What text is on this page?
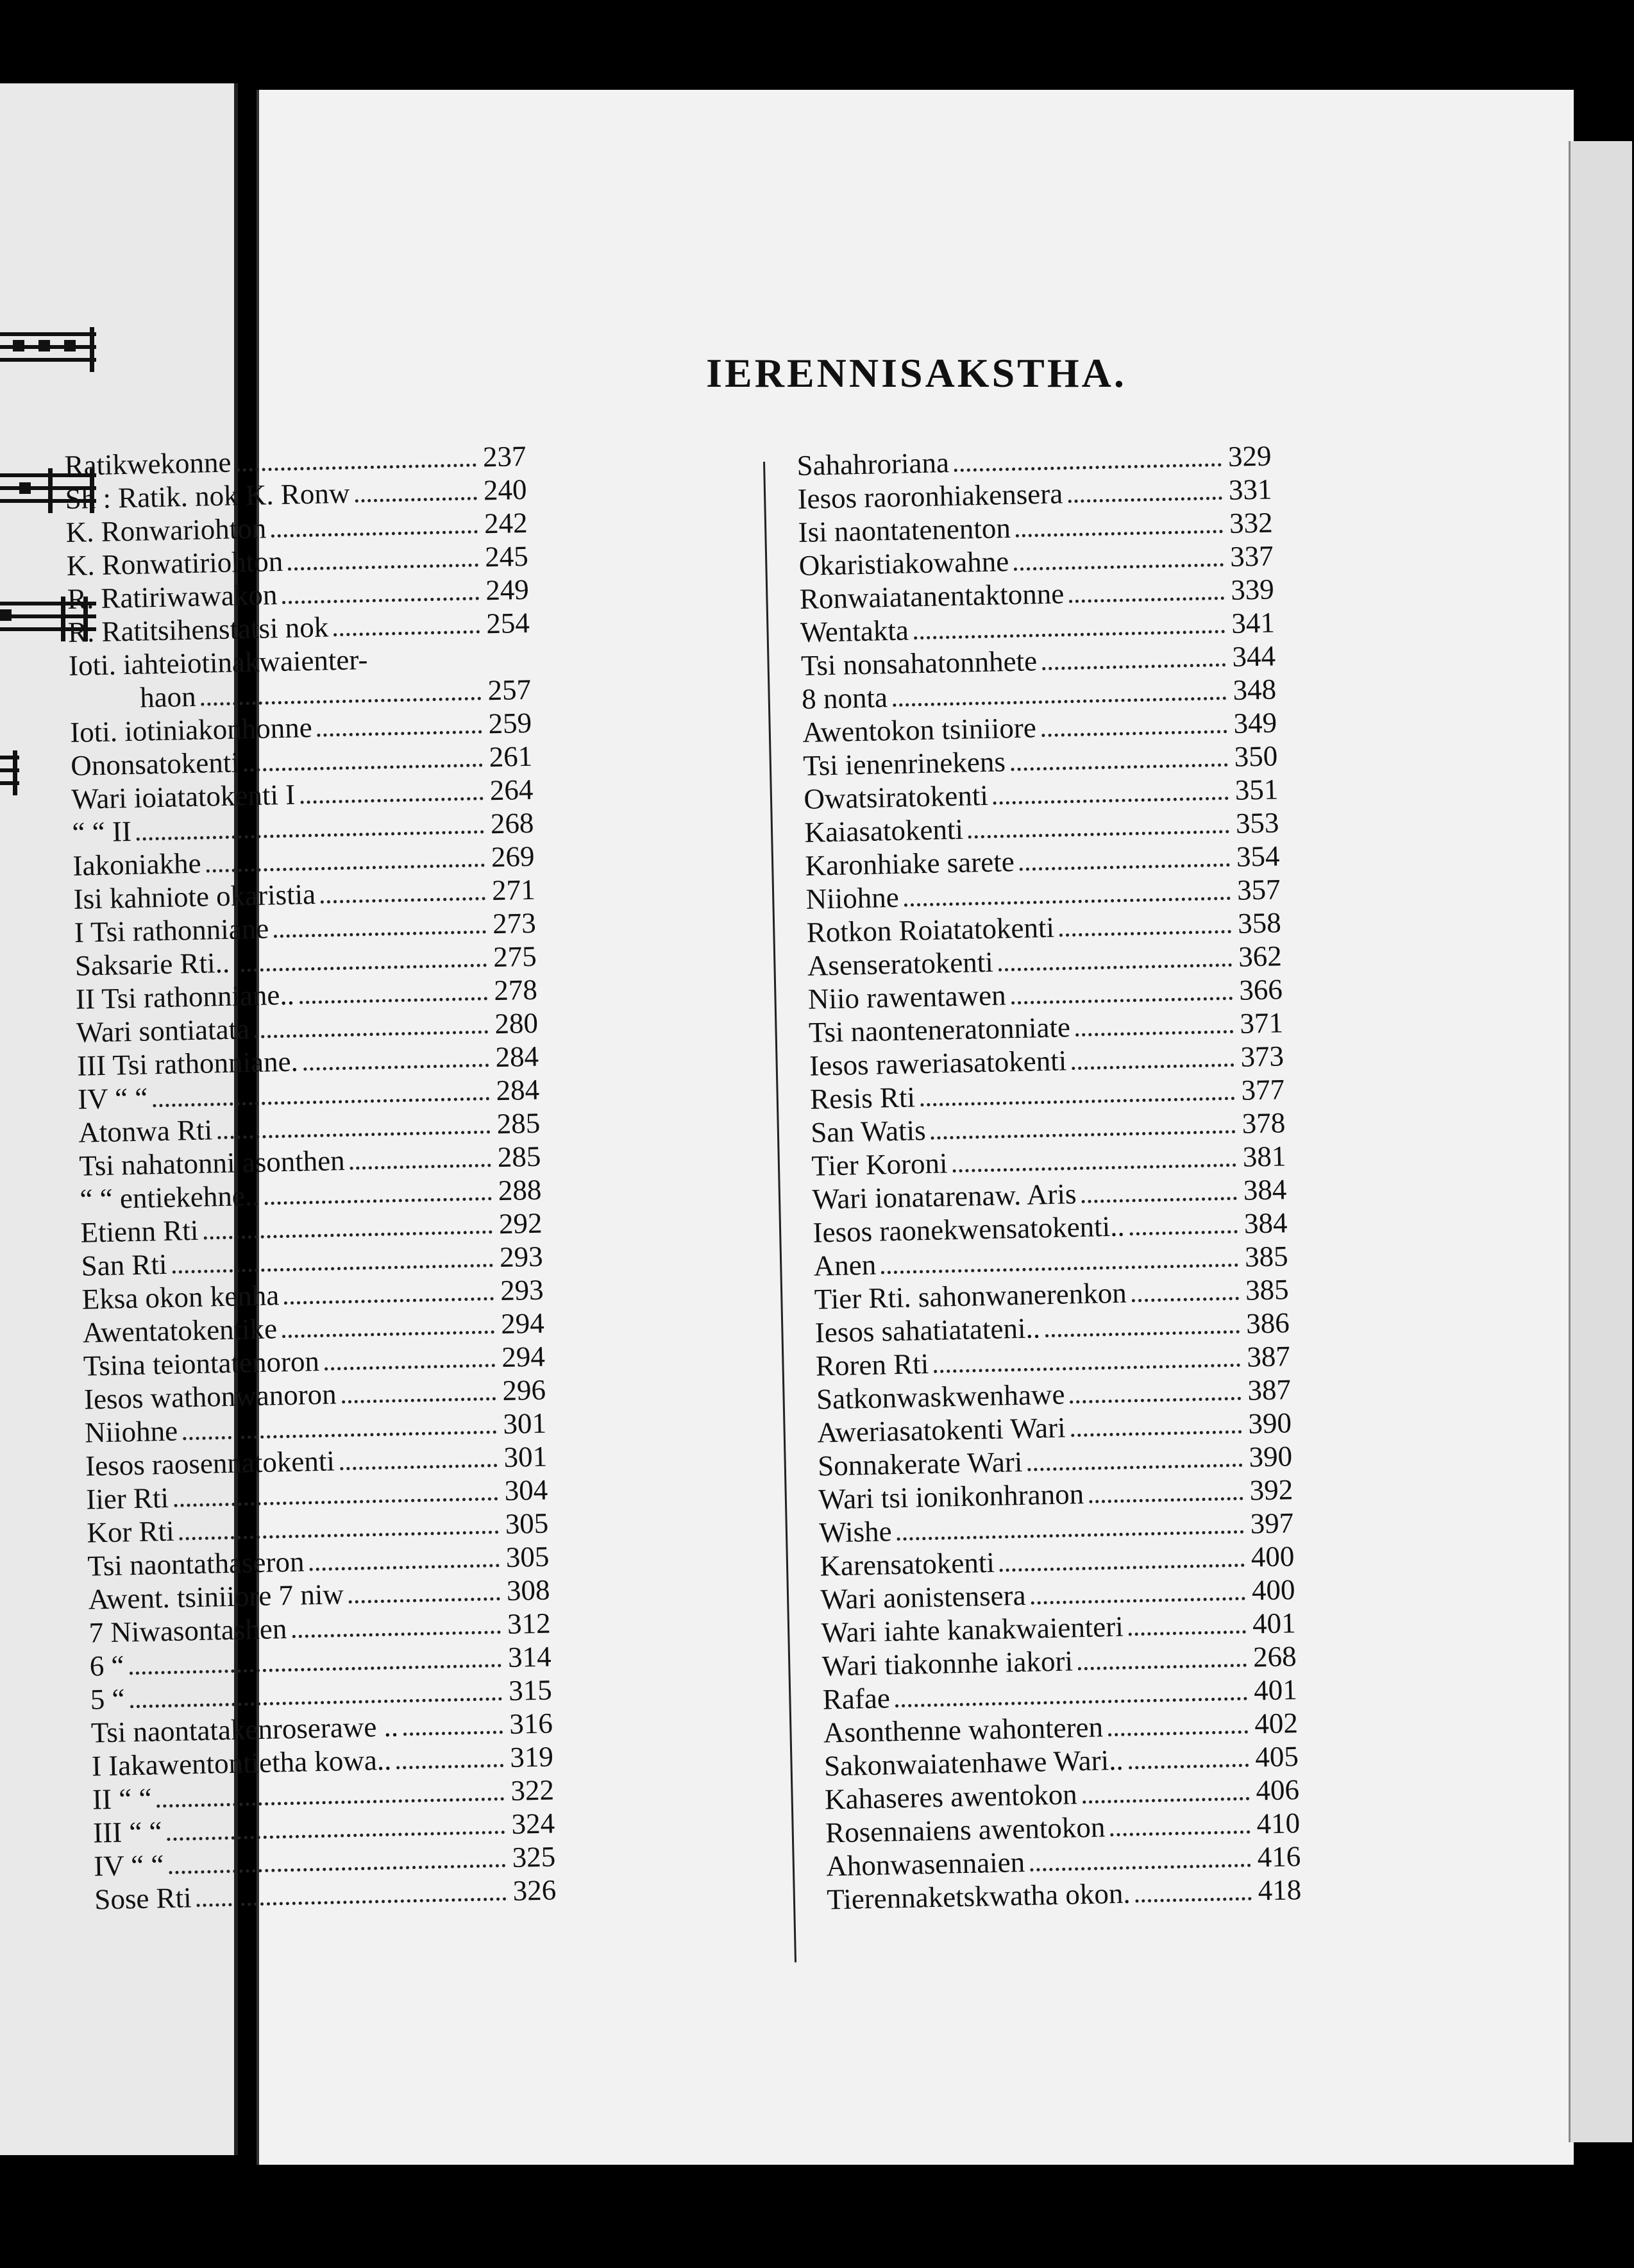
IERENNISAKSTHA.
Ratikwekonne	237
Sh : Ratik. nok K. Ronw	240
K. Ronwariohton	242
K. Ronwatiriohton	245
R. Ratiriwawakon	249
R. Ratitsihenstatsi nok	254
Ioti. iahteiotinakwaienter-
haon	257
Ioti. iotiniakonhonne	259
Ononsatokenti	261
Wari ioiatatokenti I	264
“ “ II	268
Iakoniakhe	269
Isi kahniote okaristia	271
I Tsi rathonniane	273
Saksarie Rti..	275
II Tsi rathonniane..	278
Wari sontiatata	280
III Tsi rathonniane.	284
IV “ “	284
Atonwa Rti	285
Tsi nahatonni asonthen	285
“ “ entiekehne..	288
Etienn Rti	292
San Rti	293
Eksa okon kenha	293
Awentatokentike	294
Tsina teiontatenoron	294
Iesos wathonwanoron	296
Niiohne	301
Iesos raosennatokenti	301
Iier Rti	304
Kor Rti	305
Tsi naontathaseron	305
Awent. tsiniiore 7 niw	308
7 Niwasontashen	312
6 “	314
5 “	315
Tsi naontatakenroserawe ..	316
I Iakawentontietha kowa..	319
II “ “	322
III “ “	324
IV “ “	325
Sose Rti	326
Sahahroriana	329
Iesos raoronhiakensera	331
Isi naontatenenton	332
Okaristiakowahne	337
Ronwaiatanentaktonne	339
Wentakta	341
Tsi nonsahatonnhete	344
8 nonta	348
Awentokon tsiniiore	349
Tsi ienenrinekens	350
Owatsiratokenti	351
Kaiasatokenti	353
Karonhiake sarete	354
Niiohne	357
Rotkon Roiatatokenti	358
Asenseratokenti	362
Niio rawentawen	366
Tsi naonteneratonniate	371
Iesos raweriasatokenti	373
Resis Rti	377
San Watis	378
Tier Koroni	381
Wari ionatarenaw. Aris	384
Iesos raonekwensatokenti..	384
Anen	385
Tier Rti. sahonwanerenkon	385
Iesos sahatiatateni..	386
Roren Rti	387
Satkonwaskwenhawe	387
Aweriasatokenti Wari	390
Sonnakerate Wari	390
Wari tsi ionikonhranon	392
Wishe	397
Karensatokenti	400
Wari aonistensera	400
Wari iahte kanakwaienteri	401
Wari tiakonnhe iakori	268
Rafae	401
Asonthenne wahonteren	402
Sakonwaiatenhawe Wari..	405
Kahaseres awentokon	406
Rosennaiens awentokon	410
Ahonwasennaien	416
Tierennaketskwatha okon.	418
